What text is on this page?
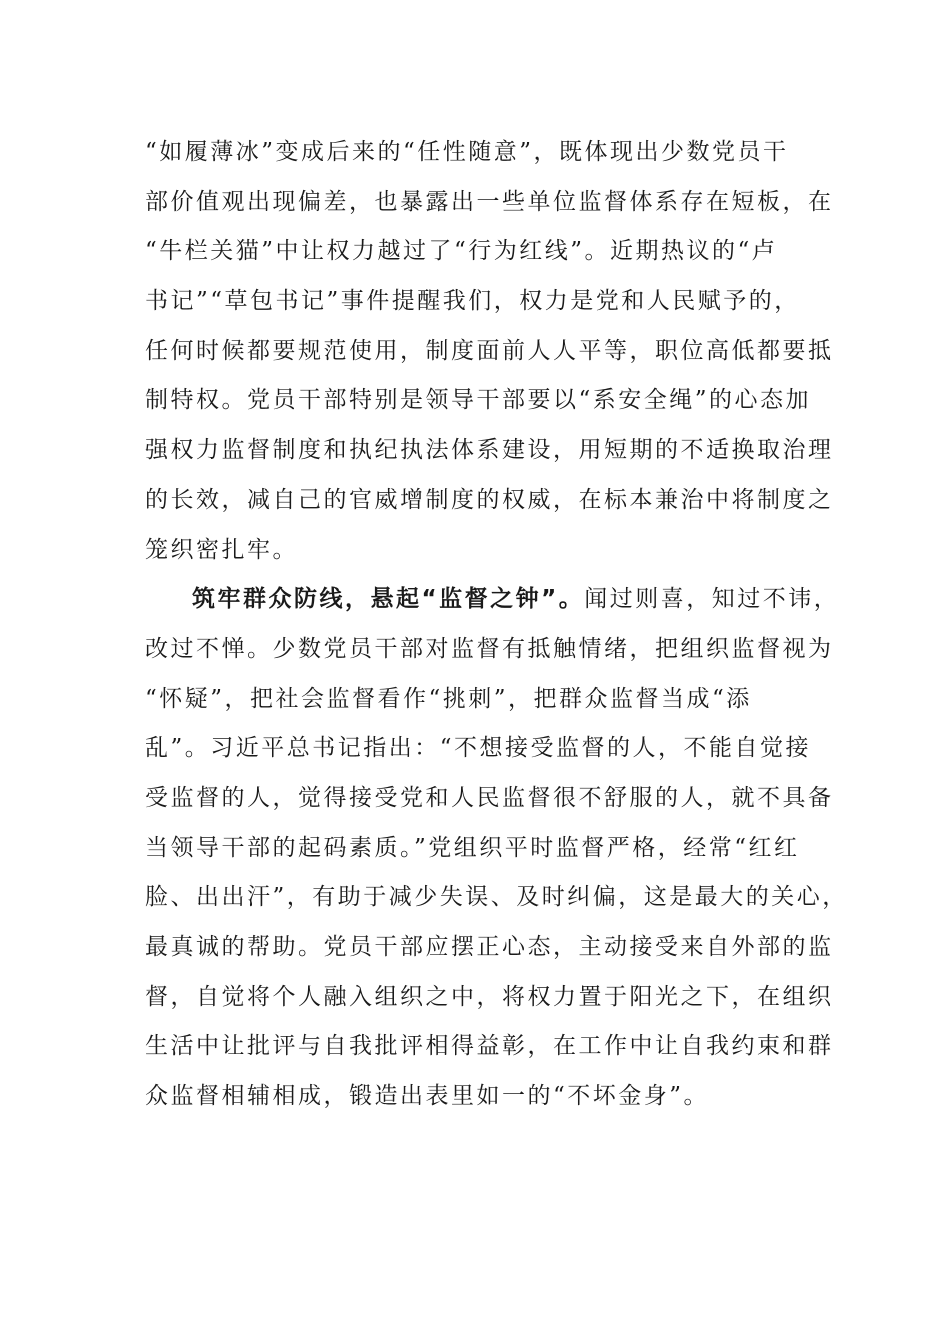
“如履薄冰”变成后来的“任性随意”，既体现出少数党员干
部价值观出现偏差，也暴露出一些单位监督体系存在短板，在
“牛栏关猫”中让权力越过了“行为红线”。近期热议的“卢
书记”“草包书记”事件提醒我们，权力是党和人民赋予的，
任何时候都要规范使用，制度面前人人平等，职位高低都要抵
制特权。党员干部特别是领导干部要以“系安全绳”的心态加
强权力监督制度和执纪执法体系建设，用短期的不适换取治理
的长效，减自己的官威增制度的权威，在标本兼治中将制度之
笼织密扎牢。
筑牢群众防线，悬起“监督之钟”。闻过则喜，知过不讳，
改过不惮。少数党员干部对监督有抵触情绪，把组织监督视为
“怀疑”，把社会监督看作“挑刺”，把群众监督当成“添
乱”。习近平总书记指出：“不想接受监督的人，不能自觉接
受监督的人，觉得接受党和人民监督很不舒服的人，就不具备
当领导干部的起码素质。”党组织平时监督严格，经常“红红
脸、出出汗”，有助于减少失误、及时纠偏，这是最大的关心，
最真诚的帮助。党员干部应摆正心态，主动接受来自外部的监
督，自觉将个人融入组织之中，将权力置于阳光之下，在组织
生活中让批评与自我批评相得益彰，在工作中让自我约束和群
众监督相辅相成，锻造出表里如一的“不坏金身”。
